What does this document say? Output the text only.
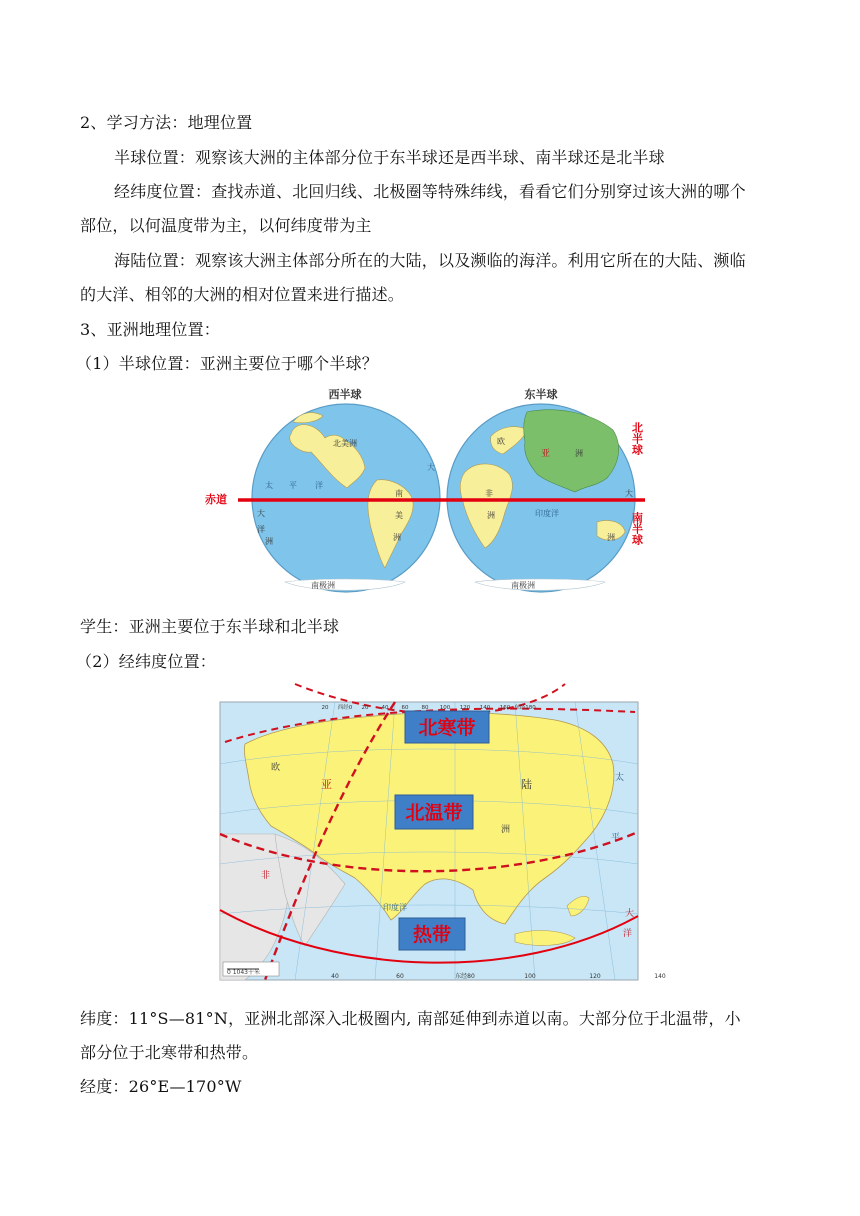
2、学习方法：地理位置
半球位置：观察该大洲的主体部分位于东半球还是西半球、南半球还是北半球
经纬度位置：查找赤道、北回归线、北极圈等特殊纬线，看看它们分别穿过该大洲的哪个
部位，以何温度带为主，以何纬度带为主
海陆位置：观察该大洲主体部分所在的大陆，以及濒临的海洋。利用它所在的大陆、濒临
的大洋、相邻的大洲的相对位置来进行描述。
3、亚洲地理位置：
（1）半球位置：亚洲主要位于哪个半球？
西半球	东半球
北美洲
南
美
洲
南极洲
太 平 洋
大
洋
洲
大
欧
亚	洲
非
洲	印度洋
洲
大
南极洲
赤道
北半球
南半球
学生：亚洲主要位于东半球和北半球
（2）经纬度位置：
北寒带
北温带
热带
欧
亚	陆
洲
非
太
平
大
洋
印度洋
40	60	东经80	100	120	140
20 西经0 20 40 60 80 100 120 140 160 东经180
0 1043千米
纬度：11°S—81°N，亚洲北部深入北极圈内, 南部延伸到赤道以南。大部分位于北温带，小
部分位于北寒带和热带。
经度：26°E—170°W
